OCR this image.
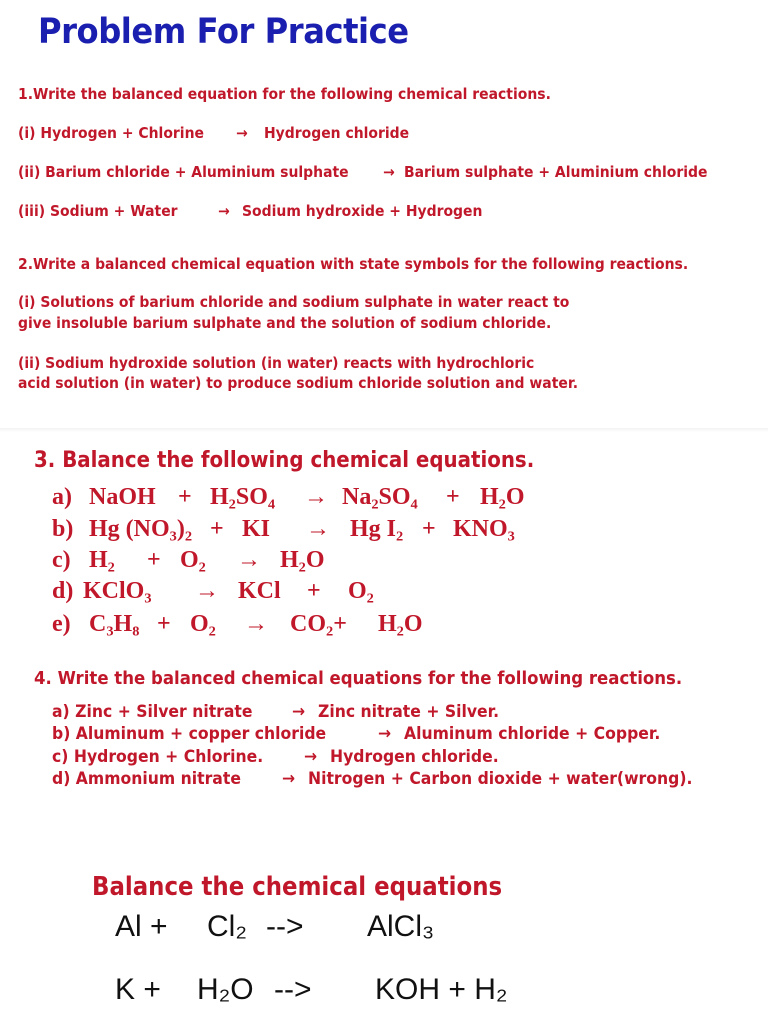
Problem For Practice
1.Write the balanced equation for the following chemical reactions.
(i) Hydrogen + Chlorine → Hydrogen chloride
(ii) Barium chloride + Aluminium sulphate → Barium sulphate + Aluminium chloride
(iii) Sodium + Water	→ Sodium hydroxide + Hydrogen
2.Write a balanced chemical equation with state symbols for the following reactions.
(i) Solutions of barium chloride and sodium sulphate in water react to
give insoluble barium sulphate and the solution of sodium chloride.
(ii) Sodium hydroxide solution (in water) reacts with hydrochloric
acid solution (in water) to produce sodium chloride solution and water.
3. Balance the following chemical equations.
a) NaOH + H₂SO₄ → Na₂SO₄ + H₂O
b) Hg (NO₃)₂ + KI → Hg I₂ + KNO₃
c) H₂ + O₂ → H₂O
d) KClO₃ → KCl + O₂
e) C₃H₈ + O₂ → CO₂+ H₂O
4. Write the balanced chemical equations for the following reactions.
a) Zinc + Silver nitrate → Zinc nitrate + Silver.
b) Aluminum + copper chloride	→ Aluminum chloride + Copper.
c) Hydrogen + Chlorine. → Hydrogen chloride.
d) Ammonium nitrate → Nitrogen + Carbon dioxide + water(wrong).
Balance the chemical equations
Al + Cl₂ --> AlCl₃
K + H₂O --> KOH + H₂
